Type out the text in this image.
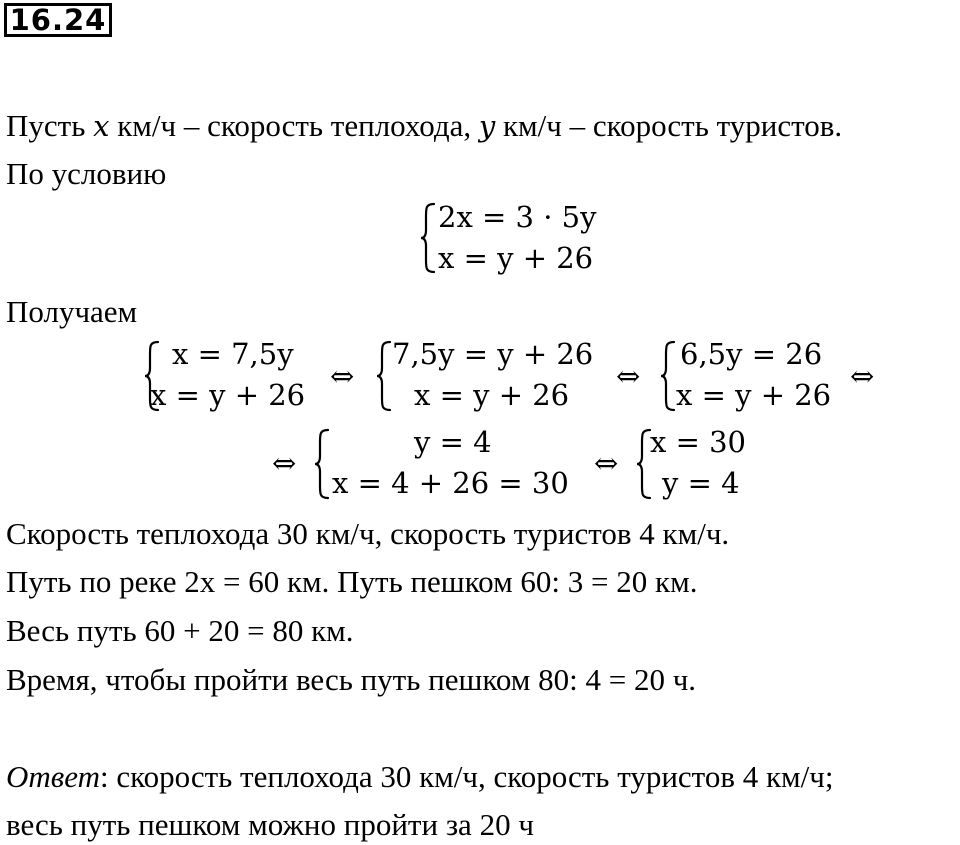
16.24
Пусть x км/ч – скорость теплохода, y км/ч – скорость туристов.
По условию
2x = 3 · 5y
x = y + 26
Получаем
x = 7,5y
x = y + 26
⇔
7,5y = y + 26
x = y + 26
⇔
6,5y = 26
x = y + 26
⇔
⇔
y = 4
x = 4 + 26 = 30
⇔
x = 30
y = 4
Скорость теплохода 30 км/ч, скорость туристов 4 км/ч.
Путь по реке 2x = 60 км. Путь пешком 60: 3 = 20 км.
Весь путь 60 + 20 = 80 км.
Время, чтобы пройти весь путь пешком 80: 4 = 20 ч.
Ответ: скорость теплохода 30 км/ч, скорость туристов 4 км/ч;
весь путь пешком можно пройти за 20 ч
